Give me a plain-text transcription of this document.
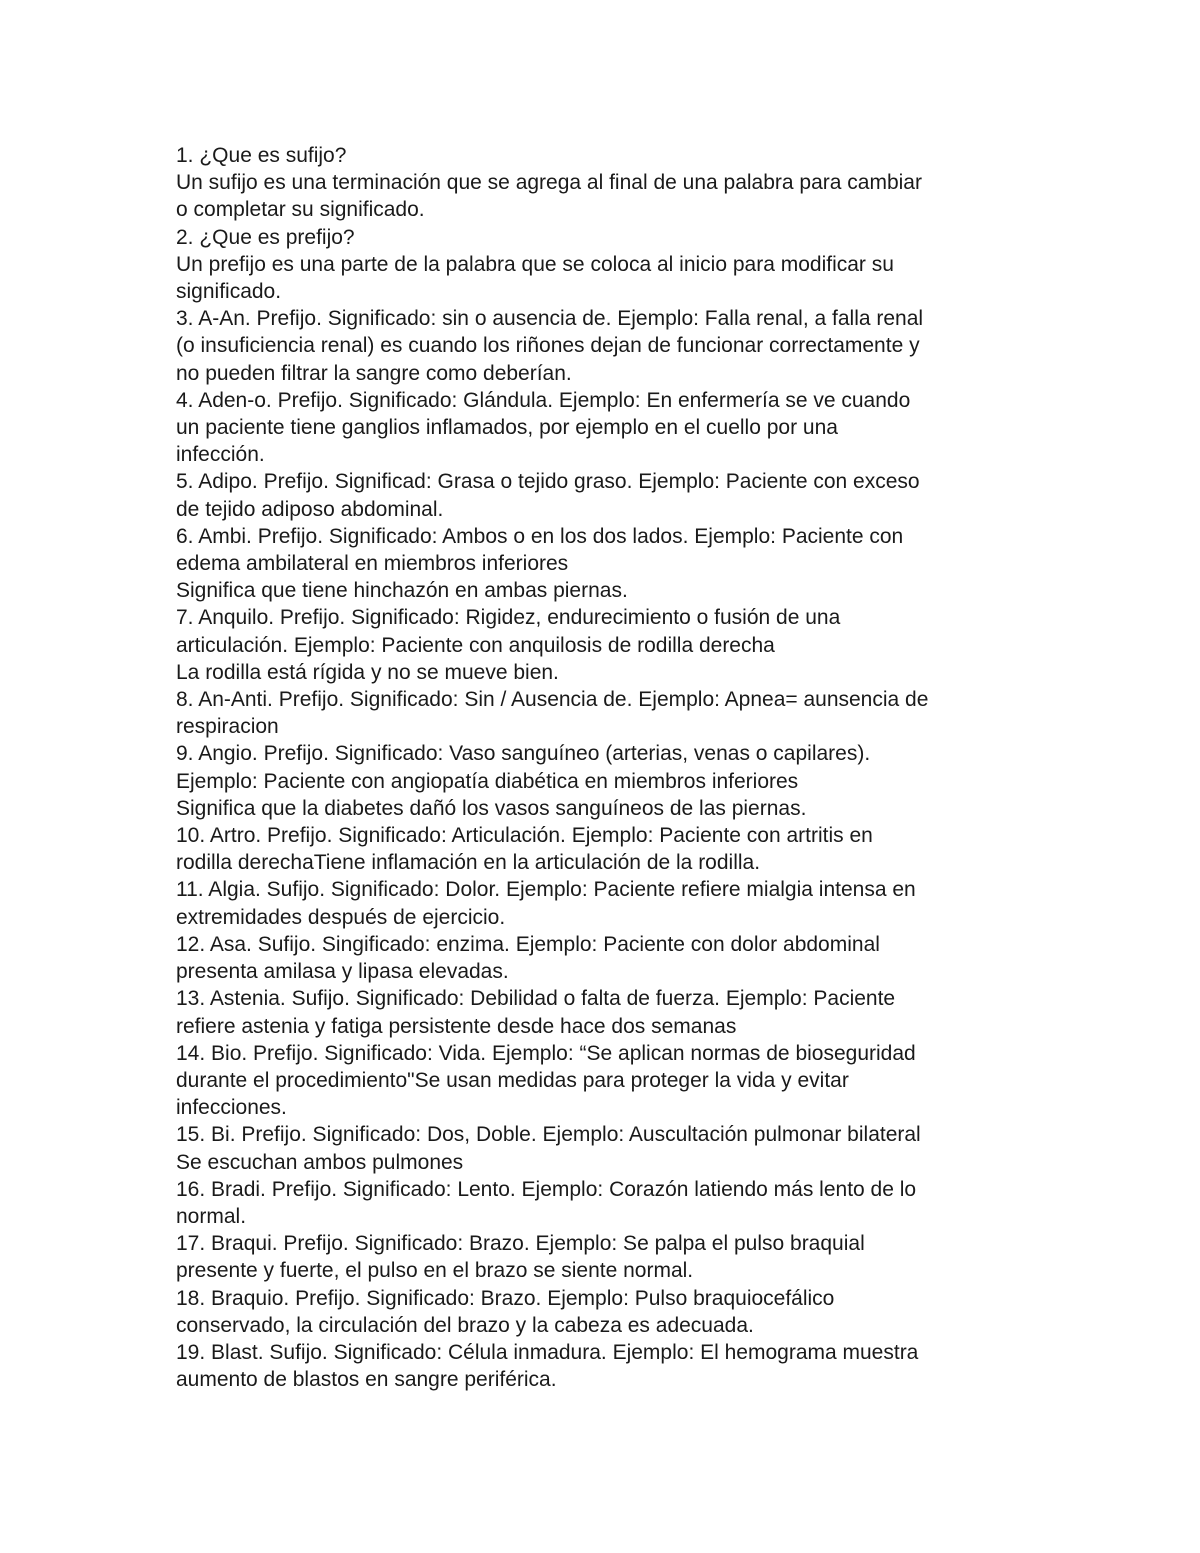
1. ¿Que es sufijo?
Un sufijo es una terminación que se agrega al final de una palabra para cambiar
o completar su significado.
2. ¿Que es prefijo?
Un prefijo es una parte de la palabra que se coloca al inicio para modificar su
significado.
3. A-An. Prefijo. Significado: sin o ausencia de. Ejemplo: Falla renal, a falla renal
(o insuficiencia renal) es cuando los riñones dejan de funcionar correctamente y
no pueden filtrar la sangre como deberían.
4. Aden-o. Prefijo. Significado: Glándula. Ejemplo: En enfermería se ve cuando
un paciente tiene ganglios inflamados, por ejemplo en el cuello por una
infección.
5. Adipo. Prefijo. Significad: Grasa o tejido graso. Ejemplo: Paciente con exceso
de tejido adiposo abdominal.
6. Ambi. Prefijo. Significado: Ambos o en los dos lados. Ejemplo: Paciente con
edema ambilateral en miembros inferiores
Significa que tiene hinchazón en ambas piernas.
7. Anquilo. Prefijo. Significado: Rigidez, endurecimiento o fusión de una
articulación. Ejemplo: Paciente con anquilosis de rodilla derecha
La rodilla está rígida y no se mueve bien.
8. An-Anti. Prefijo. Significado: Sin / Ausencia de. Ejemplo: Apnea= aunsencia de
respiracion
9. Angio. Prefijo. Significado: Vaso sanguíneo (arterias, venas o capilares).
Ejemplo: Paciente con angiopatía diabética en miembros inferiores
Significa que la diabetes dañó los vasos sanguíneos de las piernas.
10. Artro. Prefijo. Significado: Articulación. Ejemplo: Paciente con artritis en
rodilla derechaTiene inflamación en la articulación de la rodilla.
11. Algia. Sufijo. Significado: Dolor. Ejemplo: Paciente refiere mialgia intensa en
extremidades después de ejercicio.
12. Asa. Sufijo. Singificado: enzima. Ejemplo: Paciente con dolor abdominal
presenta amilasa y lipasa elevadas.
13. Astenia. Sufijo. Significado: Debilidad o falta de fuerza. Ejemplo: Paciente
refiere astenia y fatiga persistente desde hace dos semanas
14. Bio. Prefijo. Significado: Vida. Ejemplo: “Se aplican normas de bioseguridad
durante el procedimiento"Se usan medidas para proteger la vida y evitar
infecciones.
15. Bi. Prefijo. Significado: Dos, Doble. Ejemplo: Auscultación pulmonar bilateral
Se escuchan ambos pulmones
16. Bradi. Prefijo. Significado: Lento. Ejemplo: Corazón latiendo más lento de lo
normal.
17. Braqui. Prefijo. Significado: Brazo. Ejemplo: Se palpa el pulso braquial
presente y fuerte, el pulso en el brazo se siente normal.
18. Braquio. Prefijo. Significado: Brazo. Ejemplo: Pulso braquiocefálico
conservado, la circulación del brazo y la cabeza es adecuada.
19. Blast. Sufijo. Significado: Célula inmadura. Ejemplo: El hemograma muestra
aumento de blastos en sangre periférica.
